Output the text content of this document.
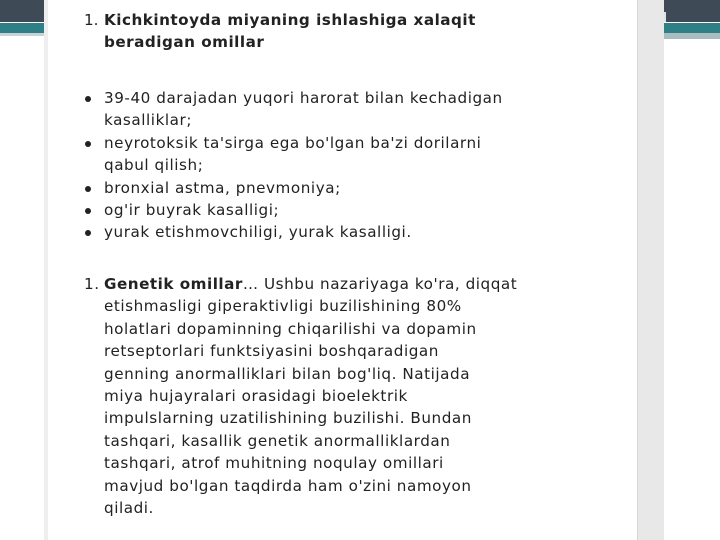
1. Kichkintoyda miyaning ishlashiga xalaqit
beradigan omillar
39-40 darajadan yuqori harorat bilan kechadigan
kasalliklar;
neyrotoksik ta'sirga ega bo'lgan ba'zi dorilarni
qabul qilish;
bronxial astma, pnevmoniya;
og'ir buyrak kasalligi;
yurak etishmovchiligi, yurak kasalligi.
1. Genetik omillar… Ushbu nazariyaga ko'ra, diqqat
etishmasligi giperaktivligi buzilishining 80%
holatlari dopaminning chiqarilishi va dopamin
retseptorlari funktsiyasini boshqaradigan
genning anormalliklari bilan bog'liq. Natijada
miya hujayralari orasidagi bioelektrik
impulslarning uzatilishining buzilishi. Bundan
tashqari, kasallik genetik anormalliklardan
tashqari, atrof muhitning noqulay omillari
mavjud bo'lgan taqdirda ham o'zini namoyon
qiladi.
